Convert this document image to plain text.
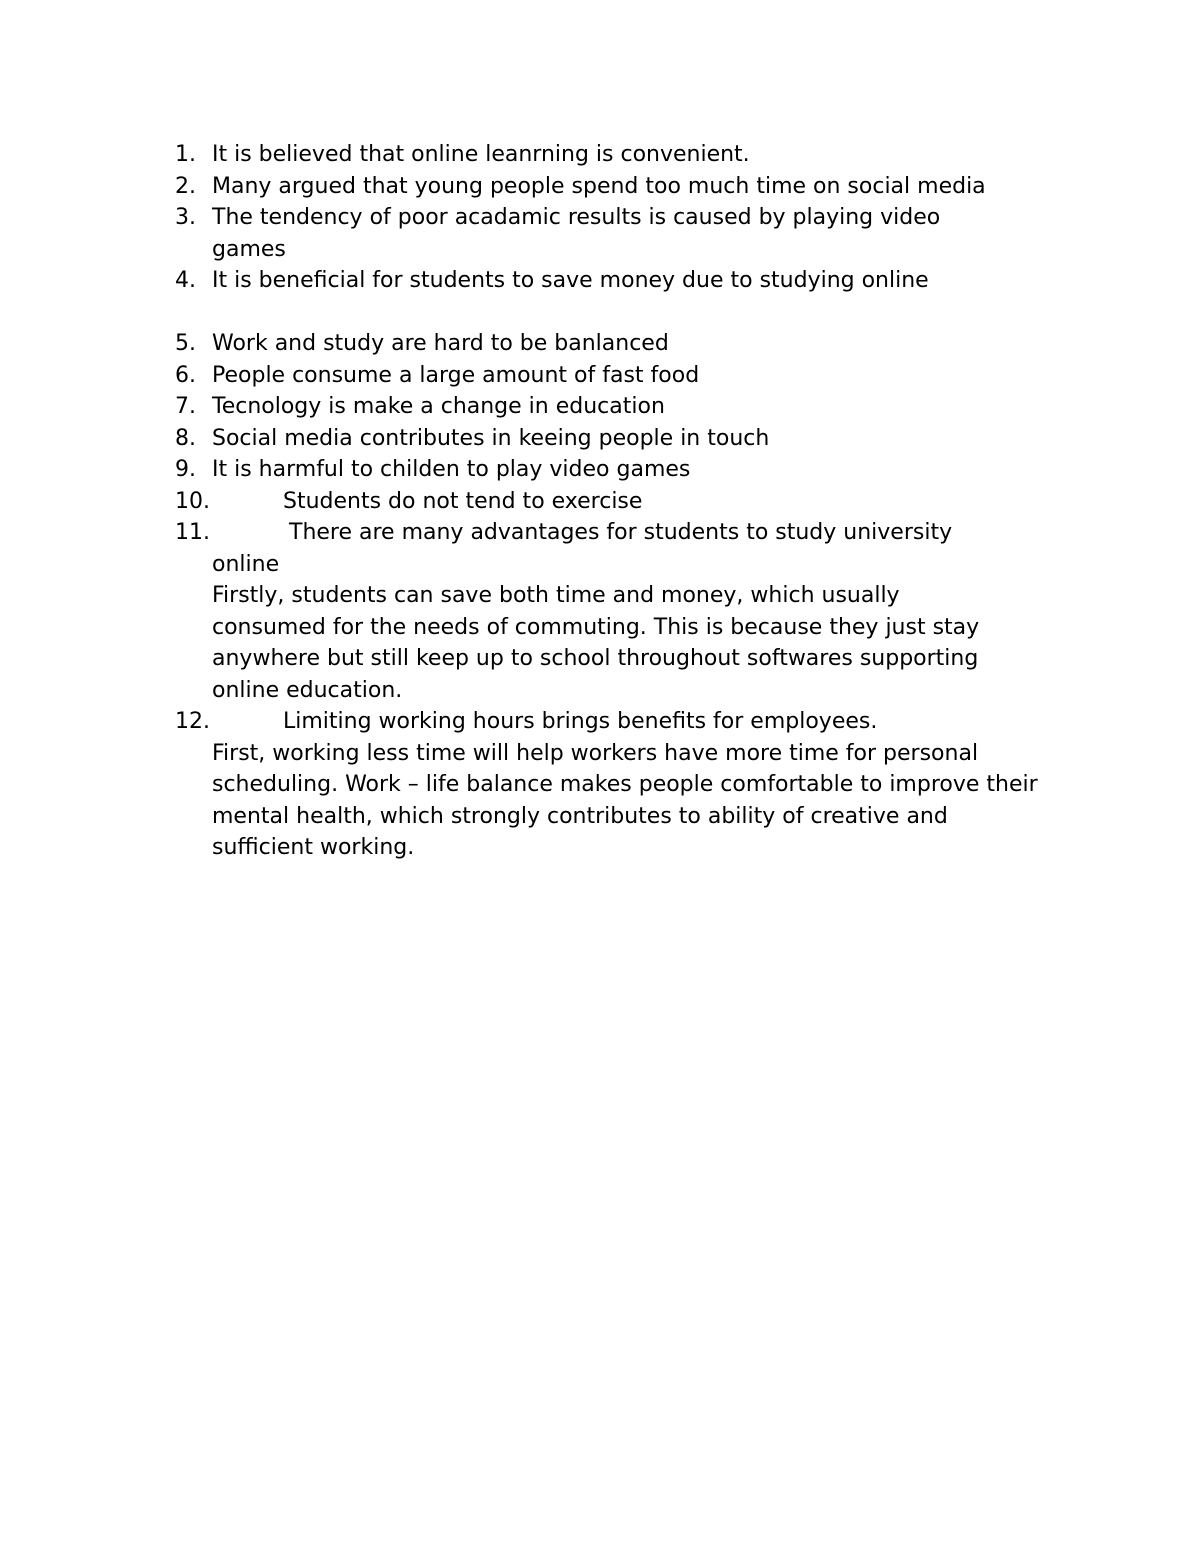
1. It is believed that online leanrning is convenient.
2. Many argued that young people spend too much time on social media
3. The tendency of poor acadamic results is caused by playing video games
4. It is beneficial for students to save money due to studying online
5. Work and study are hard to be banlanced
6. People consume a large amount of fast food
7. Tecnology is make a change in education
8. Social media contributes in keeing people in touch
9. It is harmful to childen to play video games
10.	Students do not tend to exercise
11.	There are many advantages for students to study university online
Firstly, students can save both time and money, which usually consumed for the needs of commuting. This is because they just stay anywhere but still keep up to school throughout softwares supporting online education.
12.	Limiting working hours brings benefits for employees.
First, working less time will help workers have more time for personal scheduling. Work – life balance makes people comfortable to improve their mental health, which strongly contributes to ability of creative and sufficient working.
